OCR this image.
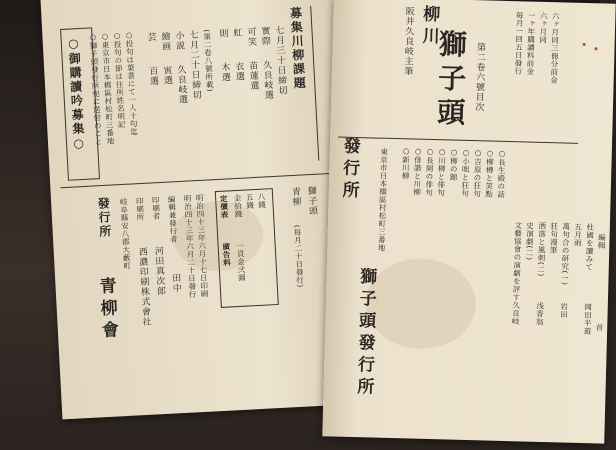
募集川柳課題
七月三十日締切
實際
久良岐選
可笑
苗蓮選
虹
衣選
則
木選
(第二卷八號所載)
七月二十日締切
小説
久良岐選
繪画
寅選
芸
百選
○投句は葉書にて一人十句迄
○投句の節は住所姓名明記
○東京市日本橋區村松町三番地
○獅子頭發行所宛に送付のこと
○御購讀吟募集○
獅子頭
青柳
(每月二十日發行)
定價表 金拾錢 五錢 八錢
廣告料 一頁金弐圓
明治四十三年六月十七日印刷
明治四十三年六月二十日發行
編輯兼發行者
田中
印刷者
河田真次郎
印刷所
西濃印刷株式會社
岐阜縣安八郡大藪町
發行所
青柳會
阪井久良岐主筆 柳川
獅子頭 第二卷六號目次	毎月一回五日發行 一ヶ年購讀料前金 六ヶ月同 六ヶ月同三冊分前金
○長生殿の話
○柳樽と笑點
○吉原の狂句
○小咄と狂句
○柳の錦
○川柳と俳句
○長岡の俳句
○俳諧と川柳
○新川柳
文藝協會の演劇を評す 史演劇(二) 洒落と風刺(二) 狂句漫筆 萬句合の研究(一) 五月雨 杜國を讀みて
首
久良岐 浅香翁 岩田 岡田半遊
編輯
東京市日本橋區村松町三番地
發行所
獅子頭發行所
